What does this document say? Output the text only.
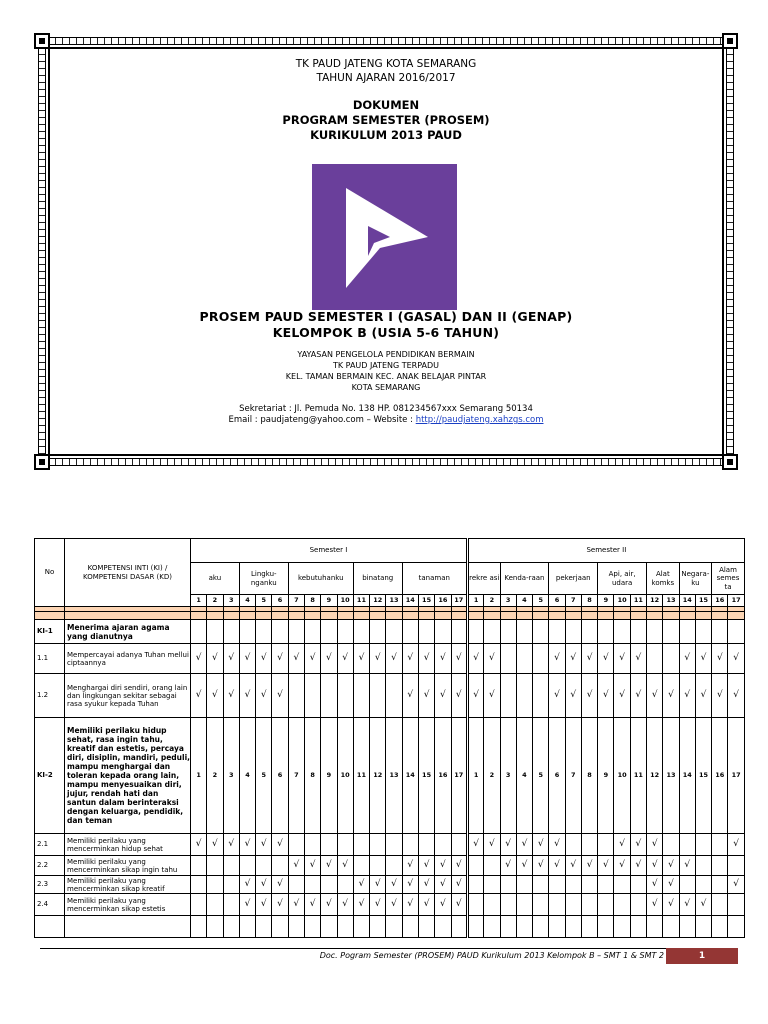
TK PAUD JATENG KOTA SEMARANG
TAHUN AJARAN 2016/2017
DOKUMEN
PROGRAM SEMESTER (PROSEM)
KURIKULUM 2013 PAUD
PROSEM PAUD SEMESTER I (GASAL) DAN II (GENAP)
KELOMPOK B (USIA 5-6 TAHUN)
YAYASAN PENGELOLA PENDIDIKAN BERMAIN
TK PAUD JATENG TERPADU
KEL. TAMAN BERMAIN KEC. ANAK BELAJAR PINTAR
KOTA SEMARANG
Sekretariat : Jl. Pemuda No. 138 HP. 081234567xxx Semarang 50134
Email : paudjateng@yahoo.com – Website : http://paudjateng.xahzgs.com
No	KOMPETENSI INTI (KI) / KOMPETENSI DASAR (KD)	Semester I																	Semester II																
		aku			Lingku-nganku			kebutuhanku				binatang			tanaman				rekre asi		Kenda-raan			pekerjaan			Api, air, udara			Alat komks		Negara-ku		Alam semes ta	
		1	2	3	4	5	6	7	8	9	10	11	12	13	14	15	16	17	1	2	3	4	5	6	7	8	9	10	11	12	13	14	15	16	17

KI-1	Menerima ajaran agama yang dianutnya																																		
1.1	Mempercayai adanya Tuhan mellui ciptaannya	√	√	√	√	√	√	√	√	√	√	√	√	√	√	√	√	√	√	√				√	√	√	√	√	√			√	√	√	√
1.2	Menghargai diri sendiri, orang lain dan lingkungan sekitar sebagai rasa syukur kepada Tuhan	√	√	√	√	√	√								√	√	√	√	√	√				√	√	√	√	√	√	√	√	√	√	√	√
KI-2	Memiliki perilaku hidup sehat, rasa ingin tahu, kreatif dan estetis, percaya diri, disiplin, mandiri, peduli, mampu menghargai dan toleran kepada orang lain, mampu menyesuaikan diri, jujur, rendah hati dan santun dalam berinteraksi dengan keluarga, pendidik, dan teman	1	2	3	4	5	6	7	8	9	10	11	12	13	14	15	16	17	1	2	3	4	5	6	7	8	9	10	11	12	13	14	15	16	17
2.1	Memiliki perilaku yang mencerminkan hidup sehat	√	√	√	√	√	√												√	√	√	√	√	√				√	√	√					√
2.2	Memiliki perilaku yang mencerminkan sikap ingin tahu							√	√	√	√				√	√	√	√			√	√	√	√	√	√	√	√	√	√	√	√			
2.3	Memiliki perilaku yang mencerminkan sikap kreatif				√	√	√					√	√	√	√	√	√	√												√	√				√
2.4	Memiliki perilaku yang mencerminkan sikap estetis				√	√	√	√	√	√	√	√	√	√	√	√	√	√												√	√	√	√		

Doc. Pogram Semester (PROSEM) PAUD Kurikulum 2013 Kelompok B – SMT 1 & SMT 2	1
